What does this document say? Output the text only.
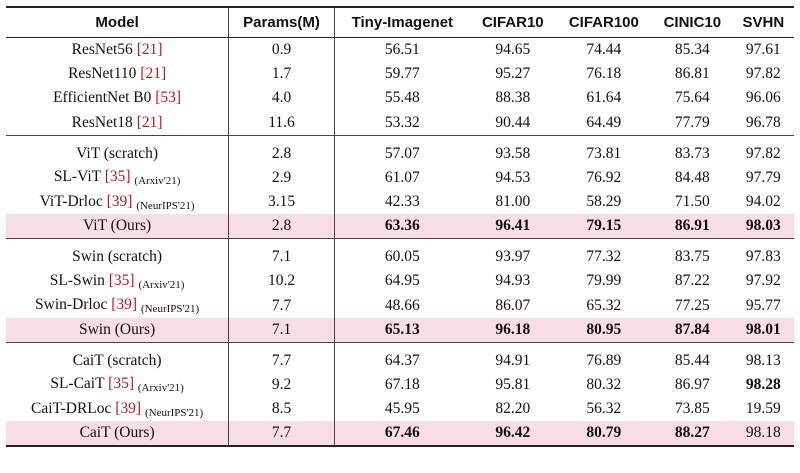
Model	Params(M)	Tiny-Imagenet	CIFAR10	CIFAR100	CINIC10	SVHN
ResNet56 [21]	0.9	56.51	94.65	74.44	85.34	97.61
ResNet110 [21]	1.7	59.77	95.27	76.18	86.81	97.82
EfficientNet B0 [53]	4.0	55.48	88.38	61.64	75.64	96.06
ResNet18 [21]	11.6	53.32	90.44	64.49	77.79	96.78
ViT (scratch)	2.8	57.07	93.58	73.81	83.73	97.82
SL-ViT [35] $_{(Arxiv'21)}$	2.9	61.07	94.53	76.92	84.48	97.79
ViT-Drloc [39] $_{(NeurIPS'21)}$	3.15	42.33	81.00	58.29	71.50	94.02
ViT (Ours)	2.8	63.36	96.41	79.15	86.91	98.03
Swin (scratch)	7.1	60.05	93.97	77.32	83.75	97.83
SL-Swin [35] $_{(Arxiv'21)}$	10.2	64.95	94.93	79.99	87.22	97.92
Swin-Drloc [39] $_{(NeurIPS'21)}$	7.7	48.66	86.07	65.32	77.25	95.77
Swin (Ours)	7.1	65.13	96.18	80.95	87.84	98.01
CaiT (scratch)	7.7	64.37	94.91	76.89	85.44	98.13
SL-CaiT [35] $_{(Arxiv'21)}$	9.2	67.18	95.81	80.32	86.97	98.28
CaiT-DRLoc [39] $_{(NeurIPS'21)}$	8.5	45.95	82.20	56.32	73.85	19.59
CaiT (Ours)	7.7	67.46	96.42	80.79	88.27	98.18
